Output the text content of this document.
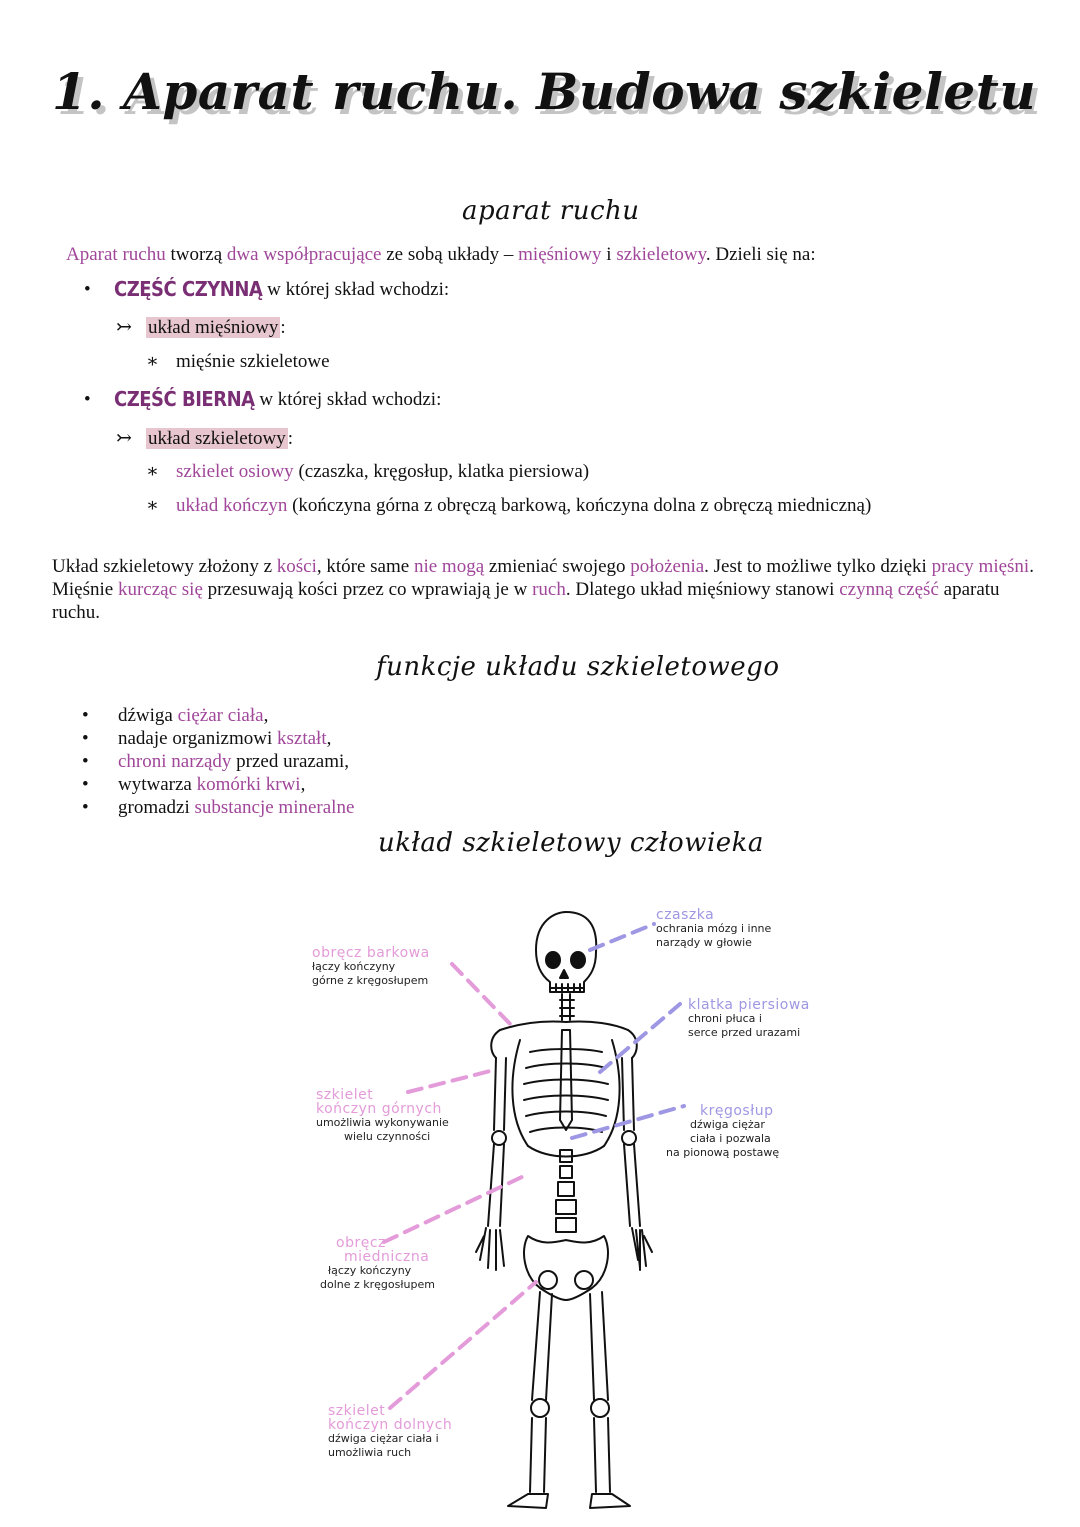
1. Aparat ruchu. Budowa szkieletu
aparat ruchu
Aparat ruchu tworzą dwa współpracujące ze sobą układy – mięśniowy i szkieletowy. Dzieli się na:
• CZĘŚĆ CZYNNĄ w której skład wchodzi:
↣ układ mięśniowy :
∗ mięśnie szkieletowe
• CZĘŚĆ BIERNĄ w której skład wchodzi:
↣ układ szkieletowy :
∗ szkielet osiowy (czaszka, kręgosłup, klatka piersiowa)
∗ układ kończyn (kończyna górna z obręczą barkową, kończyna dolna z obręczą miedniczną)
Układ szkieletowy złożony z kości, które same nie mogą zmieniać swojego położenia. Jest to możliwe tylko dzięki pracy mięśni. Mięśnie kurcząc się przesuwają kości przez co wprawiają je w ruch. Dlatego układ mięśniowy stanowi czynną część aparatu ruchu.
funkcje układu szkieletowego
• dźwiga ciężar ciała,
• nadaje organizmowi kształt,
• chroni narządy przed urazami,
• wytwarza komórki krwi,
• gromadzi substancje mineralne
układ szkieletowy człowieka
czaszka
ochrania mózg i inne
narządy w głowie
obręcz barkowa
łączy kończyny
górne z kręgosłupem
klatka piersiowa
chroni płuca i
serce przed urazami
szkielet
kończyn górnych
umożliwia wykonywanie
wielu czynności
kręgosłup
dźwiga ciężar
ciała i pozwala
na pionową postawę
obręcz
miedniczna
łączy kończyny
dolne z kręgosłupem
szkielet
kończyn dolnych
dźwiga ciężar ciała i
umożliwia ruch
